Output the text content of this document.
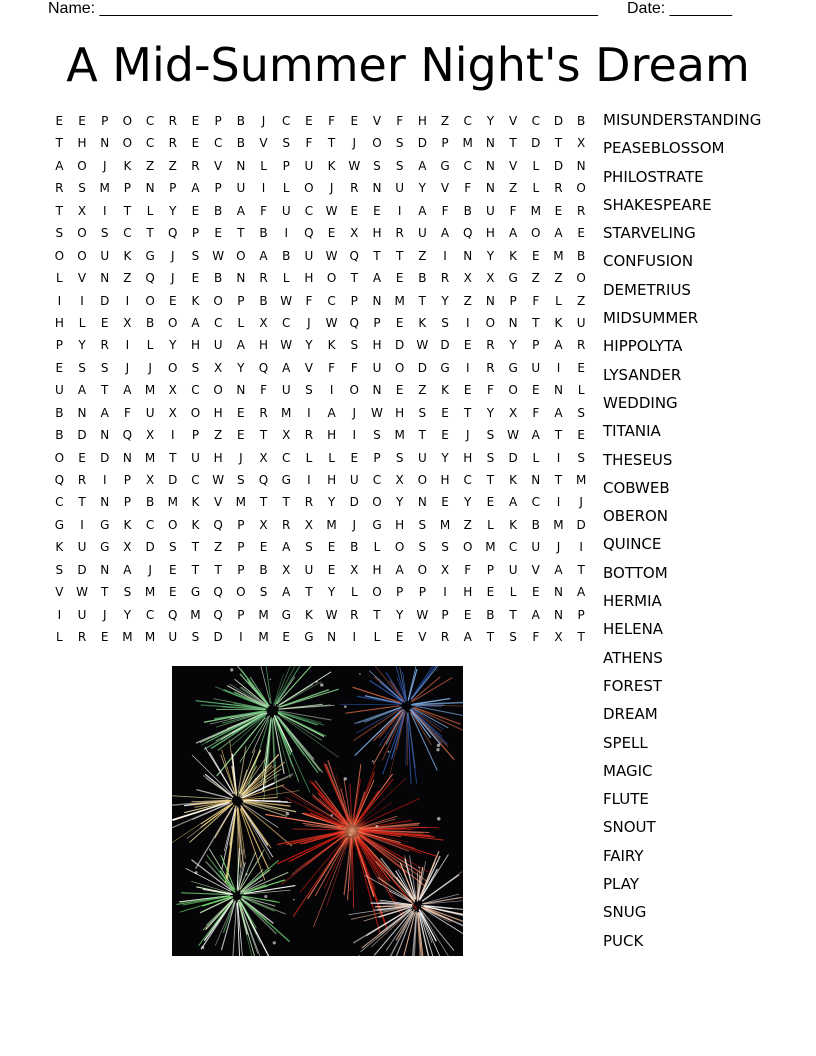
Name: ________________________________________________________ Date: _______
A Mid-Summer Night's Dream
E	E	P	O	C	R	E	P	B	J	C	E	F	E	V	F	H	Z	C	Y	V	C	D	B
T	H	N	O	C	R	E	C	B	V	S	F	T	J	O	S	D	P	M	N	T	D	T	X
A	O	J	K	Z	Z	R	V	N	L	P	U	K	W	S	S	A	G	C	N	V	L	D	N
R	S	M	P	N	P	A	P	U	I	L	O	J	R	N	U	Y	V	F	N	Z	L	R	O
T	X	I	T	L	Y	E	B	A	F	U	C	W	E	E	I	A	F	B	U	F	M	E	R
S	O	S	C	T	Q	P	E	T	B	I	Q	E	X	H	R	U	A	Q	H	A	O	A	E
O	O	U	K	G	J	S	W	O	A	B	U	W	Q	T	T	Z	I	N	Y	K	E	M	B
L	V	N	Z	Q	J	E	B	N	R	L	H	O	T	A	E	B	R	X	X	G	Z	Z	O
I	I	D	I	O	E	K	O	P	B	W	F	C	P	N	M	T	Y	Z	N	P	F	L	Z
H	L	E	X	B	O	A	C	L	X	C	J	W	Q	P	E	K	S	I	O	N	T	K	U
P	Y	R	I	L	Y	H	U	A	H	W	Y	K	S	H	D	W	D	E	R	Y	P	A	R
E	S	S	J	J	O	S	X	Y	Q	A	V	F	F	U	O	D	G	I	R	G	U	I	E
U	A	T	A	M	X	C	O	N	F	U	S	I	O	N	E	Z	K	E	F	O	E	N	L
B	N	A	F	U	X	O	H	E	R	M	I	A	J	W	H	S	E	T	Y	X	F	A	S
B	D	N	Q	X	I	P	Z	E	T	X	R	H	I	S	M	T	E	J	S	W	A	T	E
O	E	D	N	M	T	U	H	J	X	C	L	L	E	P	S	U	Y	H	S	D	L	I	S
Q	R	I	P	X	D	C	W	S	Q	G	I	H	U	C	X	O	H	C	T	K	N	T	M
C	T	N	P	B	M	K	V	M	T	T	R	Y	D	O	Y	N	E	Y	E	A	C	I	J
G	I	G	K	C	O	K	Q	P	X	R	X	M	J	G	H	S	M	Z	L	K	B	M	D
K	U	G	X	D	S	T	Z	P	E	A	S	E	B	L	O	S	S	O	M	C	U	J	I
S	D	N	A	J	E	T	T	P	B	X	U	E	X	H	A	O	X	F	P	U	V	A	T
V	W	T	S	M	E	G	Q	O	S	A	T	Y	L	O	P	P	I	H	E	L	E	N	A
I	U	J	Y	C	Q	M	Q	P	M	G	K	W	R	T	Y	W	P	E	B	T	A	N	P
L	R	E	M	M	U	S	D	I	M	E	G	N	I	L	E	V	R	A	T	S	F	X	T
MISUNDERSTANDING
PEASEBLOSSOM
PHILOSTRATE
SHAKESPEARE
STARVELING
CONFUSION
DEMETRIUS
MIDSUMMER
HIPPOLYTA
LYSANDER
WEDDING
TITANIA
THESEUS
COBWEB
OBERON
QUINCE
BOTTOM
HERMIA
HELENA
ATHENS
FOREST
DREAM
SPELL
MAGIC
FLUTE
SNOUT
FAIRY
PLAY
SNUG
PUCK
